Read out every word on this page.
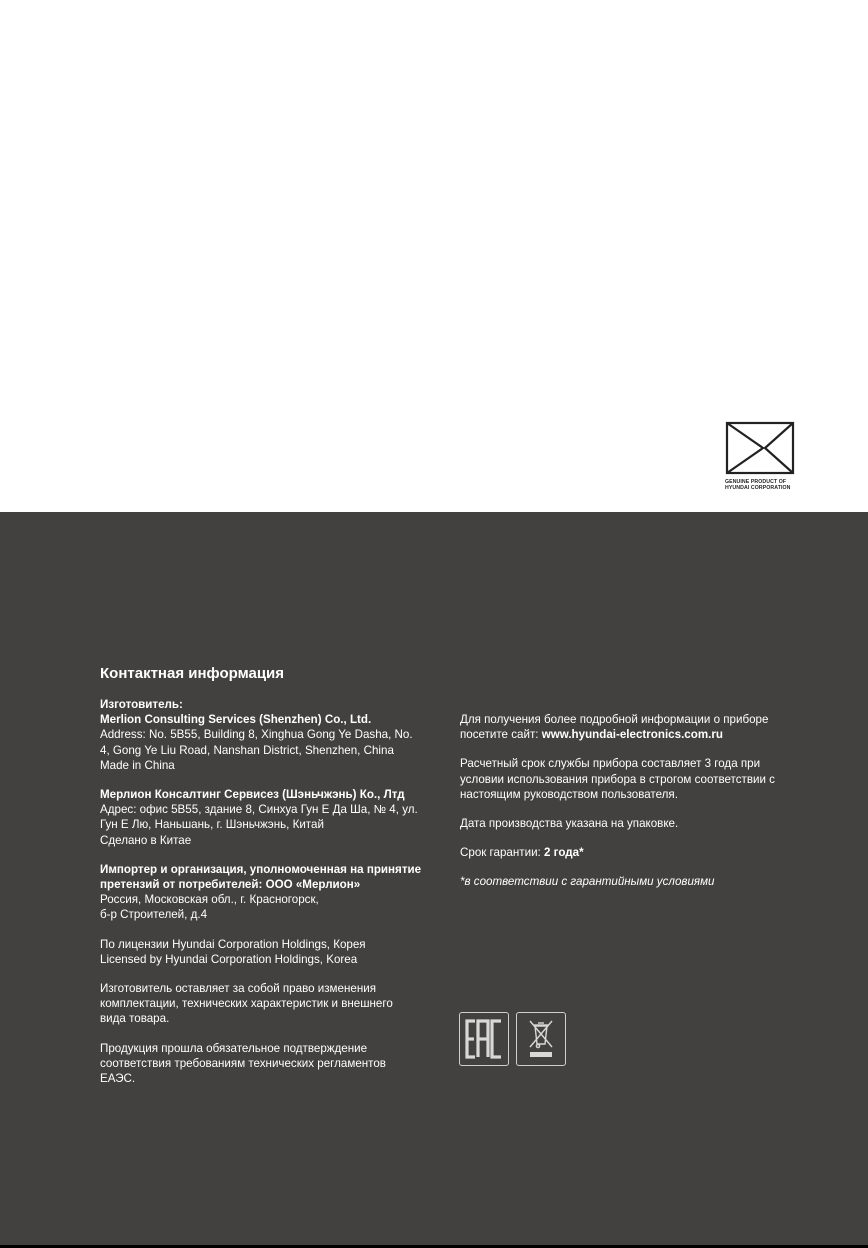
GENUINE PRODUCT OF
HYUNDAI CORPORATION
Контактная информация
Изготовитель:
Merlion Consulting Services (Shenzhen) Co., Ltd.
Address: No. 5B55, Building 8, Xinghua Gong Ye Dasha, No.
4, Gong Ye Liu Road, Nanshan District, Shenzhen, China
Made in China
Мерлион Консалтинг Сервисез (Шэньчжэнь) Ко., Лтд
Адрес: офис 5B55, здание 8, Синхуа Гун Е Да Ша, № 4, ул.
Гун Е Лю, Наньшань, г. Шэньчжэнь, Китай
Сделано в Китае
Импортер и организация, уполномоченная на принятие
претензий от потребителей: ООО «Мерлион»
Россия, Московская обл., г. Красногорск,
б-р Строителей, д.4
По лицензии Hyundai Corporation Holdings, Корея
Licensed by Hyundai Corporation Holdings, Korea
Изготовитель оставляет за собой право изменения
комплектации, технических характеристик и внешнего
вида товара.
Продукция прошла обязательное подтверждение
соответствия требованиям технических регламентов
ЕАЭС.
Для получения более подробной информации о приборе
посетите сайт: www.hyundai-electronics.com.ru
Расчетный срок службы прибора составляет 3 года при
условии использования прибора в строгом соответствии с
настоящим руководством пользователя.
Дата производства указана на упаковке.
Срок гарантии: 2 года*
*в соответствии с гарантийными условиями
